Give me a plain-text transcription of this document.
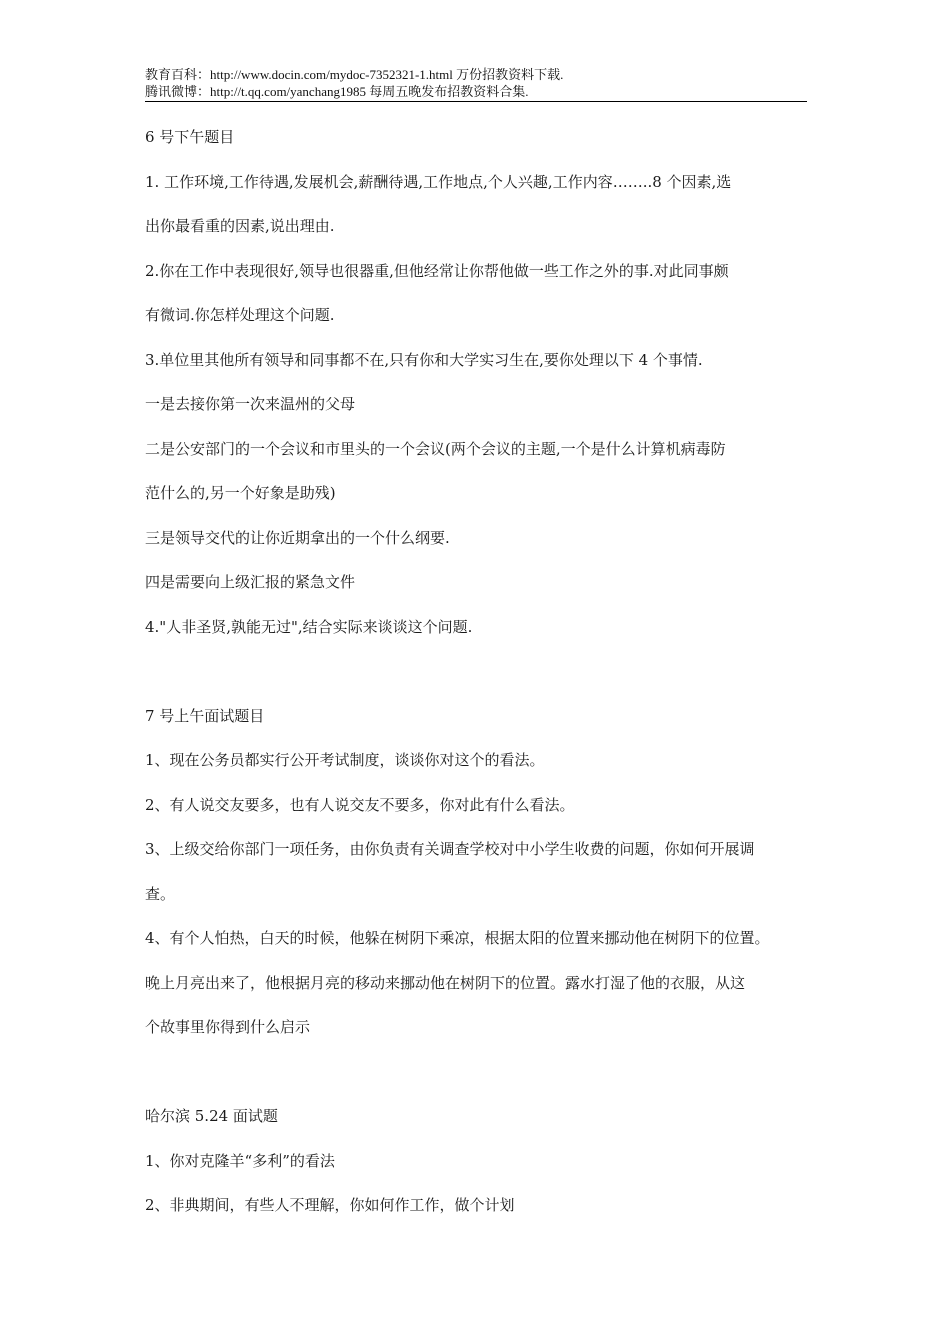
教育百科：http://www.docin.com/mydoc-7352321-1.html 万份招教资料下载.
腾讯微博：http://t.qq.com/yanchang1985 每周五晚发布招教资料合集.
6 号下午题目
1. 工作环境,工作待遇,发展机会,薪酬待遇,工作地点,个人兴趣,工作内容……..8 个因素,选
出你最看重的因素,说出理由.
2.你在工作中表现很好,领导也很器重,但他经常让你帮他做一些工作之外的事.对此同事颇
有微词.你怎样处理这个问题.
3.单位里其他所有领导和同事都不在,只有你和大学实习生在,要你处理以下 4 个事情.
一是去接你第一次来温州的父母
二是公安部门的一个会议和市里头的一个会议(两个会议的主题,一个是什么计算机病毒防
范什么的,另一个好象是助残)
三是领导交代的让你近期拿出的一个什么纲要.
四是需要向上级汇报的紧急文件
4."人非圣贤,孰能无过",结合实际来谈谈这个问题.
7 号上午面试题目
1、现在公务员都实行公开考试制度，谈谈你对这个的看法。
2、有人说交友要多，也有人说交友不要多，你对此有什么看法。
3、上级交给你部门一项任务，由你负责有关调查学校对中小学生收费的问题，你如何开展调
查。
4、有个人怕热，白天的时候，他躲在树阴下乘凉，根据太阳的位置来挪动他在树阴下的位置。
晚上月亮出来了，他根据月亮的移动来挪动他在树阴下的位置。露水打湿了他的衣服，从这
个故事里你得到什么启示
哈尔滨 5.24 面试题
1、你对克隆羊“多利”的看法
2、非典期间，有些人不理解，你如何作工作，做个计划
